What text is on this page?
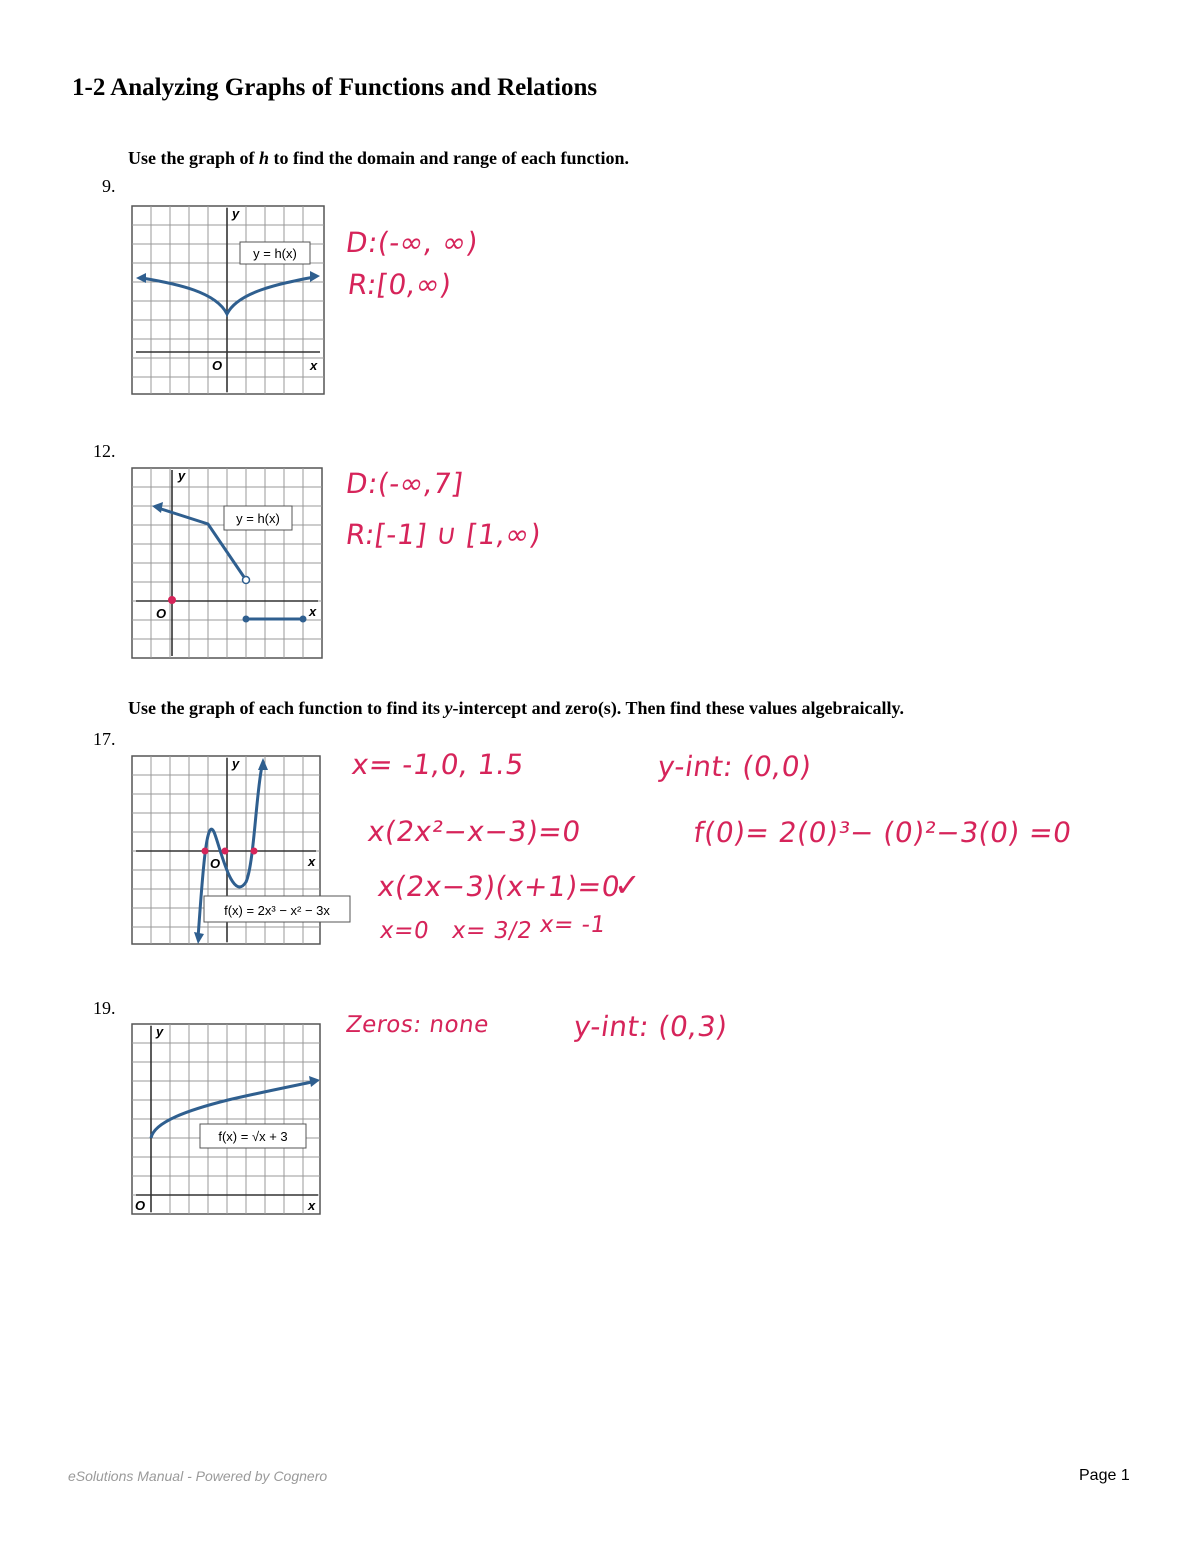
1-2 Analyzing Graphs of Functions and Relations
Use the graph of h to find the domain and range of each function.
9.
y = h(x)
y
x
O
D:(-∞, ∞)
R:[0,∞)
12.
y = h(x)
y
x
O
D:(-∞,7]
R:[-1] ∪ [1,∞)
Use the graph of each function to find its y-intercept and zero(s). Then find these values algebraically.
17.
f(x) = 2x³ − x² − 3x
y
x
O
x= -1,0, 1.5
x(2x²−x−3)=0
x(2x−3)(x+1)=0
✓
x=0 x= 3/2 x= -1
y-int: (0,0)
f(0)= 2(0)³− (0)²−3(0) =0
19.
f(x) = √x + 3
y
x
O
Zeros: none	y-int: (0,3)
eSolutions Manual - Powered by Cognero	Page 1
